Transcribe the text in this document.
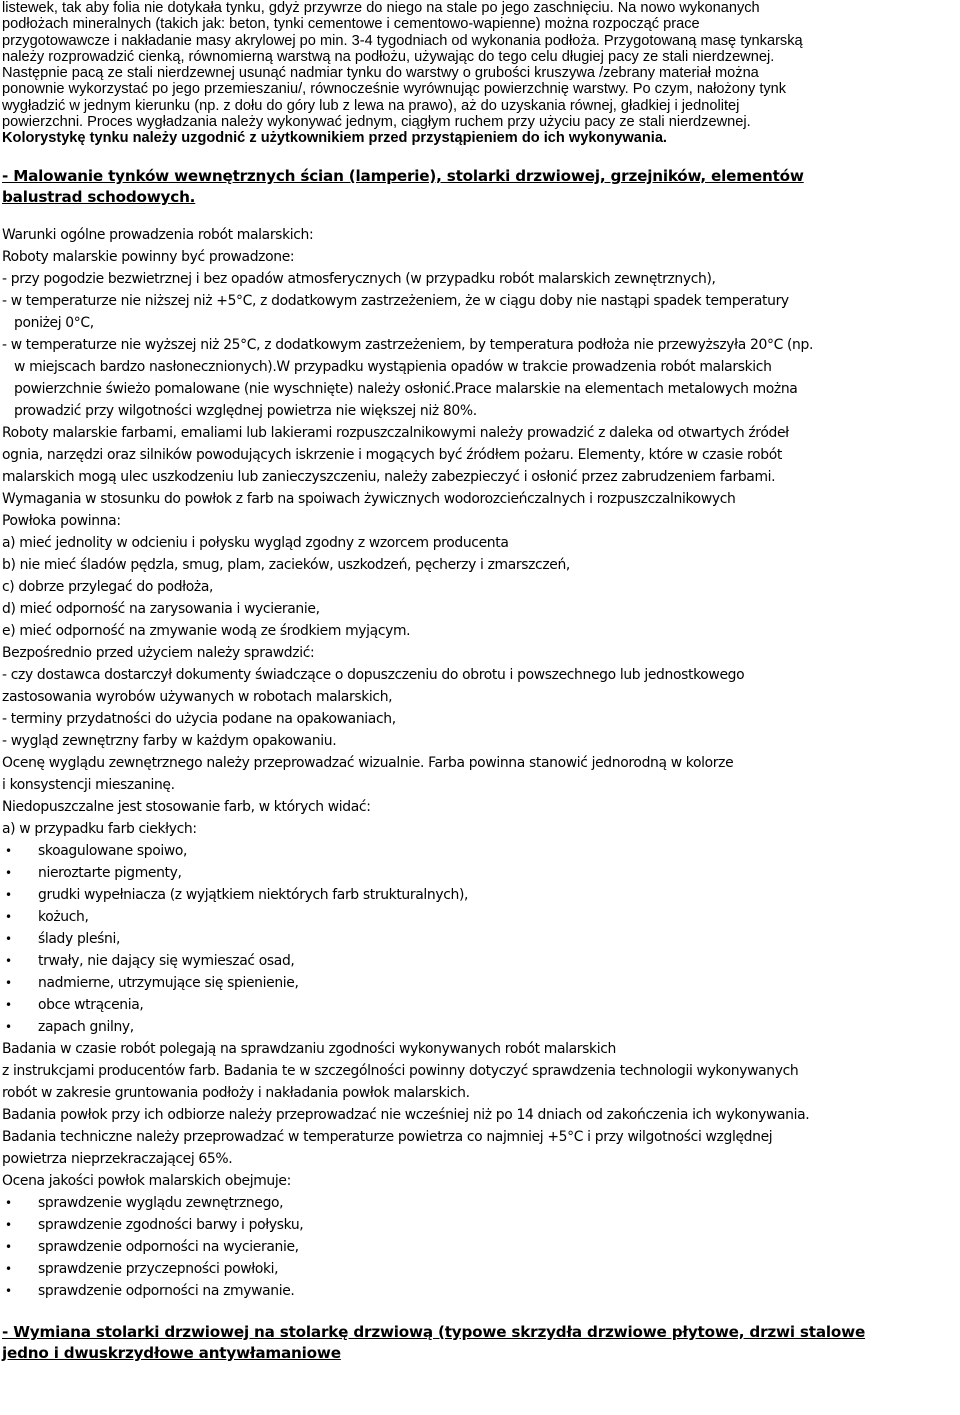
listewek, tak aby folia nie dotykała tynku, gdyż przywrze do niego na stale po jego zaschnięciu. Na nowo wykonanych
podłożach mineralnych (takich jak: beton, tynki cementowe i cementowo-wapienne) można rozpocząć prace
przygotowawcze i nakładanie masy akrylowej po min. 3-4 tygodniach od wykonania podłoża. Przygotowaną masę tynkarską
należy rozprowadzić cienką, równomierną warstwą na podłożu, używając do tego celu długiej pacy ze stali nierdzewnej.
Następnie pacą ze stali nierdzewnej usunąć nadmiar tynku do warstwy o grubości kruszywa /zebrany materiał można
ponownie wykorzystać po jego przemieszaniu/, równocześnie wyrównując powierzchnię warstwy. Po czym, nałożony tynk
wygładzić w jednym kierunku (np. z dołu do góry lub z lewa na prawo), aż do uzyskania równej, gładkiej i jednolitej
powierzchni. Proces wygładzania należy wykonywać jednym, ciągłym ruchem przy użyciu pacy ze stali nierdzewnej.
Kolorystykę tynku należy uzgodnić z użytkownikiem przed przystąpieniem do ich wykonywania.
- Malowanie tynków wewnętrznych ścian (lamperie), stolarki drzwiowej, grzejników, elementów
balustrad schodowych.
Warunki ogólne prowadzenia robót malarskich:
Roboty malarskie powinny być prowadzone:
- przy pogodzie bezwietrznej i bez opadów atmosferycznych (w przypadku robót malarskich zewnętrznych),
- w temperaturze nie niższej niż +5°C, z dodatkowym zastrzeżeniem, że w ciągu doby nie nastąpi spadek temperatury
poniżej 0°C,
- w temperaturze nie wyższej niż 25°C, z dodatkowym zastrzeżeniem, by temperatura podłoża nie przewyższyła 20°C (np.
w miejscach bardzo nasłonecznionych).W przypadku wystąpienia opadów w trakcie prowadzenia robót malarskich
powierzchnie świeżo pomalowane (nie wyschnięte) należy osłonić.Prace malarskie na elementach metalowych można
prowadzić przy wilgotności względnej powietrza nie większej niż 80%.
Roboty malarskie farbami, emaliami lub lakierami rozpuszczalnikowymi należy prowadzić z daleka od otwartych źródeł
ognia, narzędzi oraz silników powodujących iskrzenie i mogących być źródłem pożaru. Elementy, które w czasie robót
malarskich mogą ulec uszkodzeniu lub zanieczyszczeniu, należy zabezpieczyć i osłonić przez zabrudzeniem farbami.
Wymagania w stosunku do powłok z farb na spoiwach żywicznych wodorozcieńczalnych i rozpuszczalnikowych
Powłoka powinna:
a) mieć jednolity w odcieniu i połysku wygląd zgodny z wzorcem producenta
b) nie mieć śladów pędzla, smug, plam, zacieków, uszkodzeń, pęcherzy i zmarszczeń,
c) dobrze przylegać do podłoża,
d) mieć odporność na zarysowania i wycieranie,
e) mieć odporność na zmywanie wodą ze środkiem myjącym.
Bezpośrednio przed użyciem należy sprawdzić:
- czy dostawca dostarczył dokumenty świadczące o dopuszczeniu do obrotu i powszechnego lub jednostkowego
zastosowania wyrobów używanych w robotach malarskich,
- terminy przydatności do użycia podane na opakowaniach,
- wygląd zewnętrzny farby w każdym opakowaniu.
Ocenę wyglądu zewnętrznego należy przeprowadzać wizualnie. Farba powinna stanowić jednorodną w kolorze
i konsystencji mieszaninę.
Niedopuszczalne jest stosowanie farb, w których widać:
a) w przypadku farb ciekłych:
• skoagulowane spoiwo,
• nieroztarte pigmenty,
• grudki wypełniacza (z wyjątkiem niektórych farb strukturalnych),
• kożuch,
• ślady pleśni,
• trwały, nie dający się wymieszać osad,
• nadmierne, utrzymujące się spienienie,
• obce wtrącenia,
• zapach gnilny,
Badania w czasie robót polegają na sprawdzaniu zgodności wykonywanych robót malarskich
z instrukcjami producentów farb. Badania te w szczególności powinny dotyczyć sprawdzenia technologii wykonywanych
robót w zakresie gruntowania podłoży i nakładania powłok malarskich.
Badania powłok przy ich odbiorze należy przeprowadzać nie wcześniej niż po 14 dniach od zakończenia ich wykonywania.
Badania techniczne należy przeprowadzać w temperaturze powietrza co najmniej +5°C i przy wilgotności względnej
powietrza nieprzekraczającej 65%.
Ocena jakości powłok malarskich obejmuje:
• sprawdzenie wyglądu zewnętrznego,
• sprawdzenie zgodności barwy i połysku,
• sprawdzenie odporności na wycieranie,
• sprawdzenie przyczepności powłoki,
• sprawdzenie odporności na zmywanie.
- Wymiana stolarki drzwiowej na stolarkę drzwiową (typowe skrzydła drzwiowe płytowe, drzwi stalowe
jedno i dwuskrzydłowe antywłamaniowe
